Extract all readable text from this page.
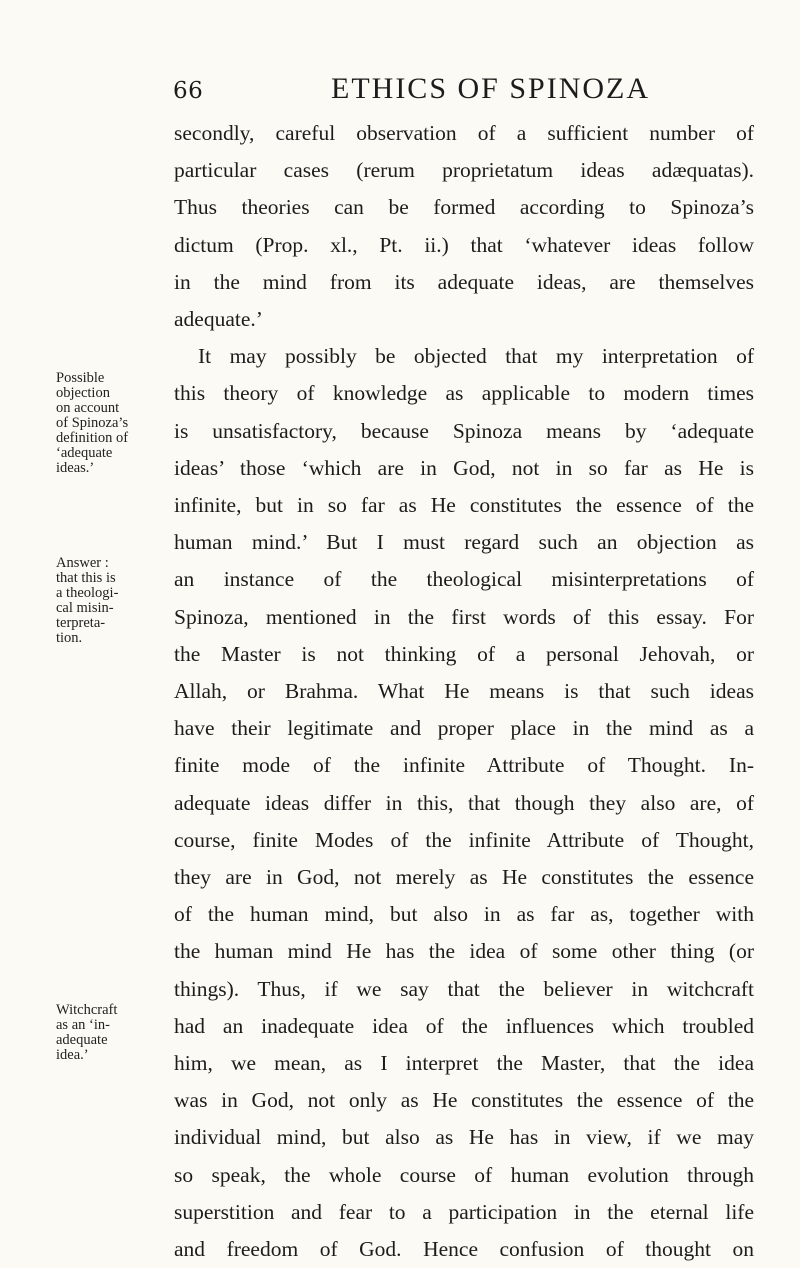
66	ETHICS OF SPINOZA
Possible
objection
on account
of Spinoza’s
definition of
‘adequate
ideas.’
Answer :
that this is
a theologi-
cal misin-
terpreta-
tion.
Witchcraft
as an ‘in-
adequate
idea.’
secondly, careful observation of a sufficient number of
particular cases (rerum proprietatum ideas adæquatas).
Thus theories can be formed according to Spinoza’s
dictum (Prop. xl., Pt. ii.) that ‘whatever ideas follow
in the mind from its adequate ideas, are themselves
adequate.’
It may possibly be objected that my interpretation of
this theory of knowledge as applicable to modern times
is unsatisfactory, because Spinoza means by ‘adequate
ideas’ those ‘which are in God, not in so far as He is
infinite, but in so far as He constitutes the essence of the
human mind.’ But I must regard such an objection as
an instance of the theological misinterpretations of
Spinoza, mentioned in the first words of this essay. For
the Master is not thinking of a personal Jehovah, or
Allah, or Brahma. What He means is that such ideas
have their legitimate and proper place in the mind as a
finite mode of the infinite Attribute of Thought. In-
adequate ideas differ in this, that though they also are, of
course, finite Modes of the infinite Attribute of Thought,
they are in God, not merely as He constitutes the essence
of the human mind, but also in as far as, together with
the human mind He has the idea of some other thing (or
things). Thus, if we say that the believer in witchcraft
had an inadequate idea of the influences which troubled
him, we mean, as I interpret the Master, that the idea
was in God, not only as He constitutes the essence of the
individual mind, but also as He has in view, if we may
so speak, the whole course of human evolution through
superstition and fear to a participation in the eternal life
and freedom of God. Hence confusion of thought on
